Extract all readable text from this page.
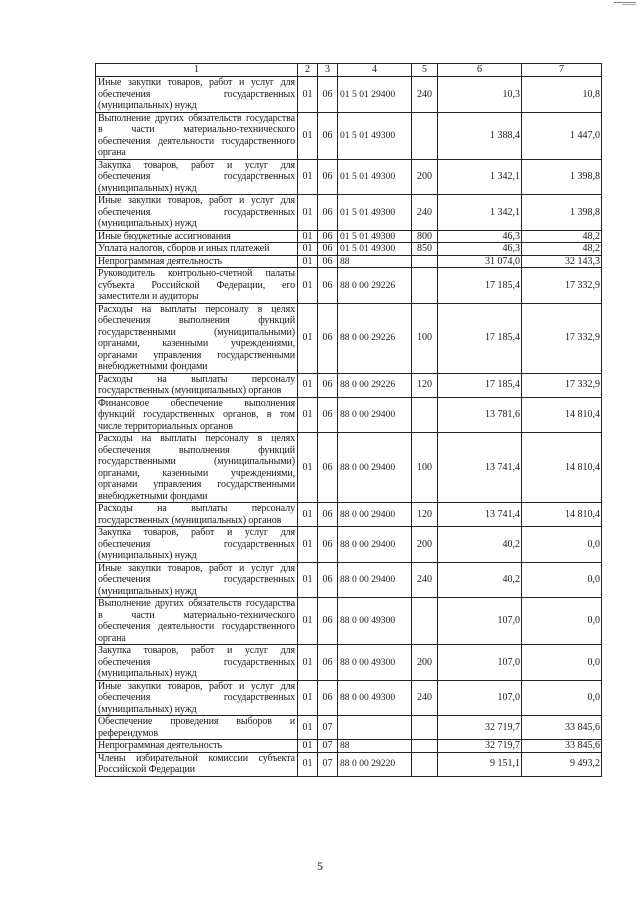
1	2	3	4	5	6	7
Иные закупки товаров, работ и услуг для обеспечения государственных (муниципальных) нужд	01	06	01 5 01 29400	240	10,3	10,8
Выполнение других обязательств государства в части материально-технического обеспечения деятельности государственного органа	01	06	01 5 01 49300		1 388,4	1 447,0
Закупка товаров, работ и услуг для обеспечения государственных (муниципальных) нужд	01	06	01 5 01 49300	200	1 342,1	1 398,8
Иные закупки товаров, работ и услуг для обеспечения государственных (муниципальных) нужд	01	06	01 5 01 49300	240	1 342,1	1 398,8
Иные бюджетные ассигнования	01	06	01 5 01 49300	800	46,3	48,2
Уплата налогов, сборов и иных платежей	01	06	01 5 01 49300	850	46,3	48,2
Непрограммная деятельность	01	06	88		31 074,0	32 143,3
Руководитель контрольно-счетной палаты субъекта Российской Федерации, его заместители и аудиторы	01	06	88 0 00 29226		17 185,4	17 332,9
Расходы на выплаты персоналу в целях обеспечения выполнения функций государственными (муниципальными) органами, казенными учреждениями, органами управления государственными внебюджетными фондами	01	06	88 0 00 29226	100	17 185,4	17 332,9
Расходы на выплаты персоналу государственных (муниципальных) органов	01	06	88 0 00 29226	120	17 185,4	17 332,9
Финансовое обеспечение выполнения функций государственных органов, в том числе территориальных органов	01	06	88 0 00 29400		13 781,6	14 810,4
Расходы на выплаты персоналу в целях обеспечения выполнения функций государственными (муниципальными) органами, казенными учреждениями, органами управления государственными внебюджетными фондами	01	06	88 0 00 29400	100	13 741,4	14 810,4
Расходы на выплаты персоналу государственных (муниципальных) органов	01	06	88 0 00 29400	120	13 741,4	14 810,4
Закупка товаров, работ и услуг для обеспечения государственных (муниципальных) нужд	01	06	88 0 00 29400	200	40,2	0,0
Иные закупки товаров, работ и услуг для обеспечения государственных (муниципальных) нужд	01	06	88 0 00 29400	240	40,2	0,0
Выполнение других обязательств государства в части материально-технического обеспечения деятельности государственного органа	01	06	88 0 00 49300		107,0	0,0
Закупка товаров, работ и услуг для обеспечения государственных (муниципальных) нужд	01	06	88 0 00 49300	200	107,0	0,0
Иные закупки товаров, работ и услуг для обеспечения государственных (муниципальных) нужд	01	06	88 0 00 49300	240	107,0	0,0
Обеспечение проведения выборов и референдумов	01	07			32 719,7	33 845,6
Непрограммная деятельность	01	07	88		32 719,7	33 845,6
Члены избирательной комиссии субъекта Российской Федерации	01	07	88 0 00 29220		9 151,1	9 493,2
5
